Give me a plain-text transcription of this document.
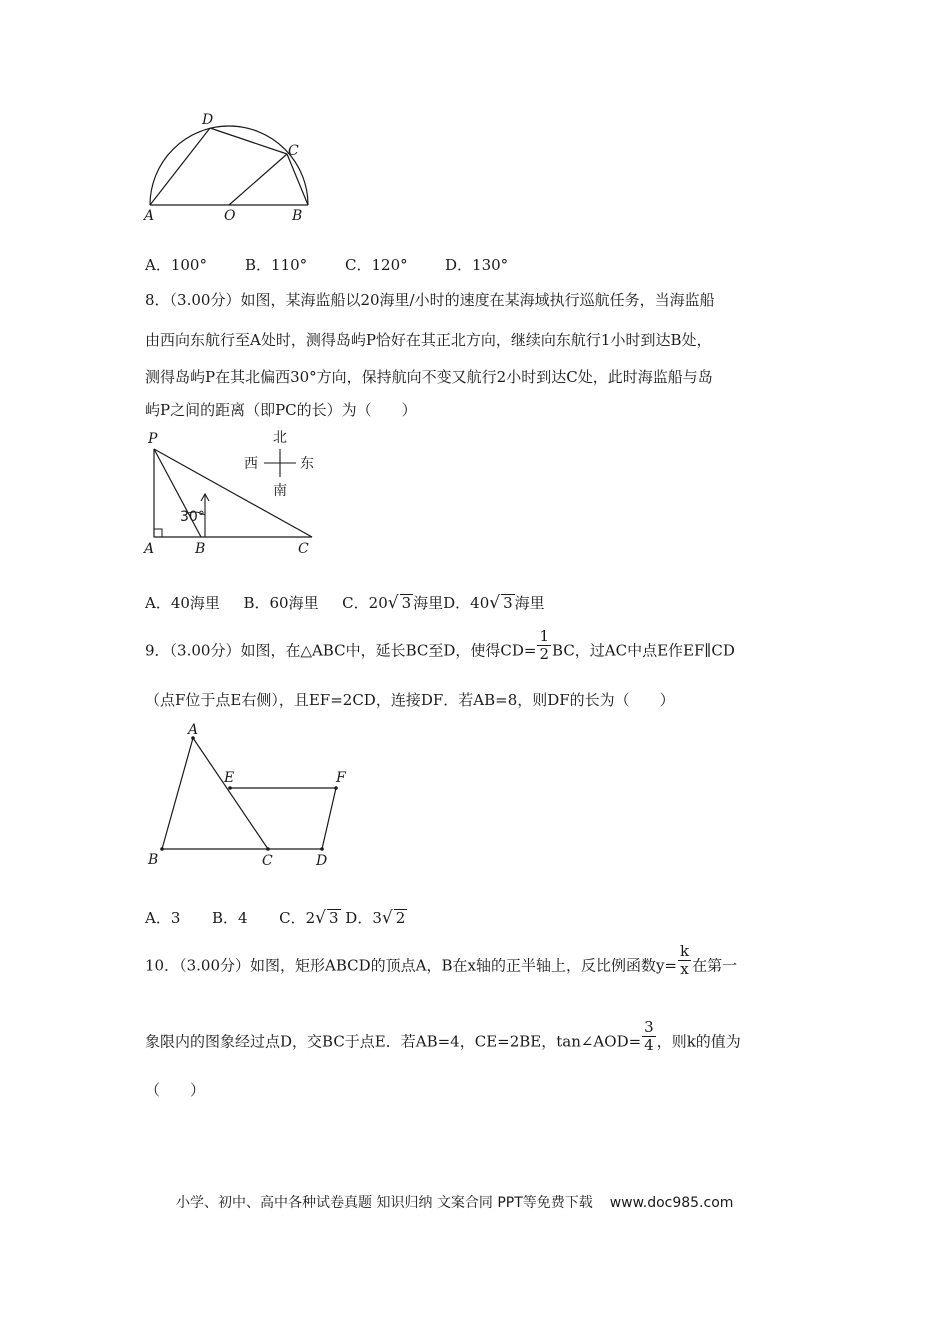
D
C
A	O	B
A．100°	B．110°	C．120° D．130°
8．（3.00分）如图，某海监船以20海里/小时的速度在某海域执行巡航任务，当海监船
由西向东航行至A处时，测得岛屿P恰好在其正北方向，继续向东航行1小时到达B处，
测得岛屿P在其北偏西30°方向，保持航向不变又航行2小时到达C处，此时海监船与岛
屿P之间的距离（即PC的长）为（　　）
30°
P
A	B	C
北
南
西	东
A．40海里 B．60海里 C．20√ 3 海里D．40√ 3 海里
9．（3.00分）如图，在△ABC中，延长BC至D，使得$CD= \frac{1}{2}$ BC，过AC中点E作EF∥CD
（点F位于点E右侧），且EF=2CD，连接DF．若AB=8，则DF的长为（　　）
A
E	F
B	C	D
A．3 B．4 C．2√ 3 D．3√ 2
10．（3.00分）如图，矩形ABCD的顶点A，B在x轴的正半轴上，反比例函数$y= \frac{k}{x}$ 在第一
象限内的图象经过点D，交BC于点E．若AB=4，CE=2BE，tan∠AOD= $\frac{3}{4}$ ，则k的值为
（　　）
小学、初中、高中各种试卷真题 知识归纳 文案合同 PPT等免费下载 www.doc985.com
